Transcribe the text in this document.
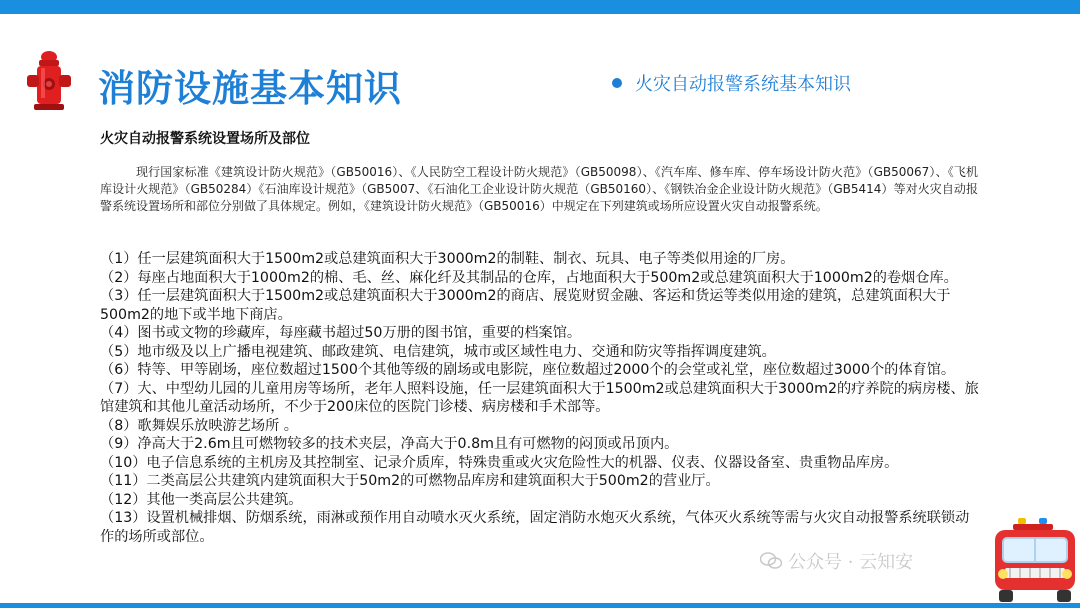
消防设施基本知识	火灾自动报警系统基本知识
火灾自动报警系统设置场所及部位
现行国家标准《建筑设计防火规范》（GB50016）、《人民防空工程设计防火规范》（GB50098）、《汽车库、修车库、停车场设计防火范》（GB50067）、《飞机库设计火规范》（GB50284）《石油库设计规范》（GB5007、《石油化工企业设计防火规范（GB50160）、《钢铁冶金企业设计防火规范》（GB5414）等对火灾自动报警系统设置场所和部位分别做了具体规定。例如，《建筑设计防火规范》（GB50016）中规定在下列建筑或场所应设置火灾自动报警系统。
（1）任一层建筑面积大于1500m2或总建筑面积大于3000m2的制鞋、制衣、玩具、电子等类似用途的厂房。
（2）每座占地面积大于1000m2的棉、毛、丝、麻化纤及其制品的仓库，占地面积大于500m2或总建筑面积大于1000m2的卷烟仓库。
（3）任一层建筑面积大于1500m2或总建筑面积大于3000m2的商店、展览财贸金融、客运和货运等类似用途的建筑，总建筑面积大于500m2的地下或半地下商店。
（4）图书或文物的珍藏库，每座藏书超过50万册的图书馆，重要的档案馆。
（5）地市级及以上广播电视建筑、邮政建筑、电信建筑，城市或区域性电力、交通和防灾等指挥调度建筑。
（6）特等、甲等剧场，座位数超过1500个其他等级的剧场或电影院，座位数超过2000个的会堂或礼堂，座位数超过3000个的体育馆。
（7）大、中型幼儿园的儿童用房等场所，老年人照料设施，任一层建筑面积大于1500m2或总建筑面积大于3000m2的疗养院的病房楼、旅馆建筑和其他儿童活动场所，不少于200床位的医院门诊楼、病房楼和手术部等。
（8）歌舞娱乐放映游艺场所 。
（9）净高大于2.6m且可燃物较多的技术夹层，净高大于0.8m且有可燃物的闷顶或吊顶内。
（10）电子信息系统的主机房及其控制室、记录介质库，特殊贵重或火灾危险性大的机器、仪表、仪器设备室、贵重物品库房。
（11）二类高层公共建筑内建筑面积大于50m2的可燃物品库房和建筑面积大于500m2的营业厅。
（12）其他一类高层公共建筑。
（13）设置机械排烟、防烟系统，雨淋或预作用自动喷水灭火系统，固定消防水炮灭火系统，气体灭火系统等需与火灾自动报警系统联锁动作的场所或部位。
公众号 · 云知安
